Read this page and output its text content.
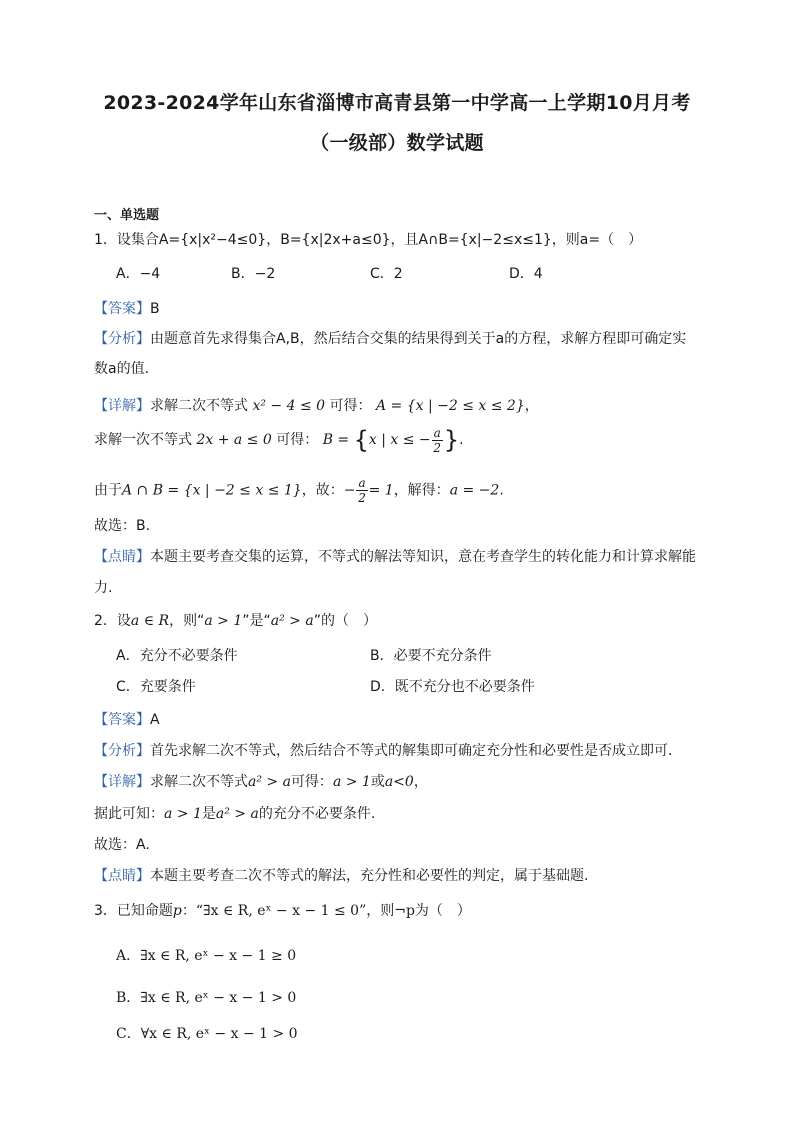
2023-2024学年山东省淄博市高青县第一中学高一上学期10月月考
（一级部）数学试题
一、单选题
1．设集合A={x|x²−4≤0}，B={x|2x+a≤0}，且A∩B={x|−2≤x≤1}，则a=（　）
A．−4	B．−2	C．2	D．4
【答案】B
【分析】由题意首先求得集合A,B，然后结合交集的结果得到关于a的方程，求解方程即可确定实
数a的值.
【详解】求解二次不等式 x² − 4 ≤ 0 可得： A = {x | −2 ≤ x ≤ 2}，
求解一次不等式 2x + a ≤ 0 可得： B = {x | x ≤ − $\frac{a}{2}$ }.
由于A ∩ B = {x | −2 ≤ x ≤ 1}，故：− $\frac{a}{2} = 1$，解得：a = −2.
故选：B.
【点睛】本题主要考查交集的运算，不等式的解法等知识，意在考查学生的转化能力和计算求解能
力.
2．设a ∈ R，则“a > 1”是“a² > a”的（　）
A．充分不必要条件	B．必要不充分条件
C．充要条件	D．既不充分也不必要条件
【答案】A
【分析】首先求解二次不等式，然后结合不等式的解集即可确定充分性和必要性是否成立即可.
【详解】求解二次不等式a² > a可得：a > 1或a<0，
据此可知：a > 1是a² > a的充分不必要条件.
故选：A.
【点睛】本题主要考查二次不等式的解法，充分性和必要性的判定，属于基础题.
3．已知命题p：“∃x ∈ R, eˣ − x − 1 ≤ 0”，则¬p为（　）
A．∃x ∈ R, eˣ − x − 1 ≥ 0
B．∃x ∈ R, eˣ − x − 1 > 0
C．∀x ∈ R, eˣ − x − 1 > 0
